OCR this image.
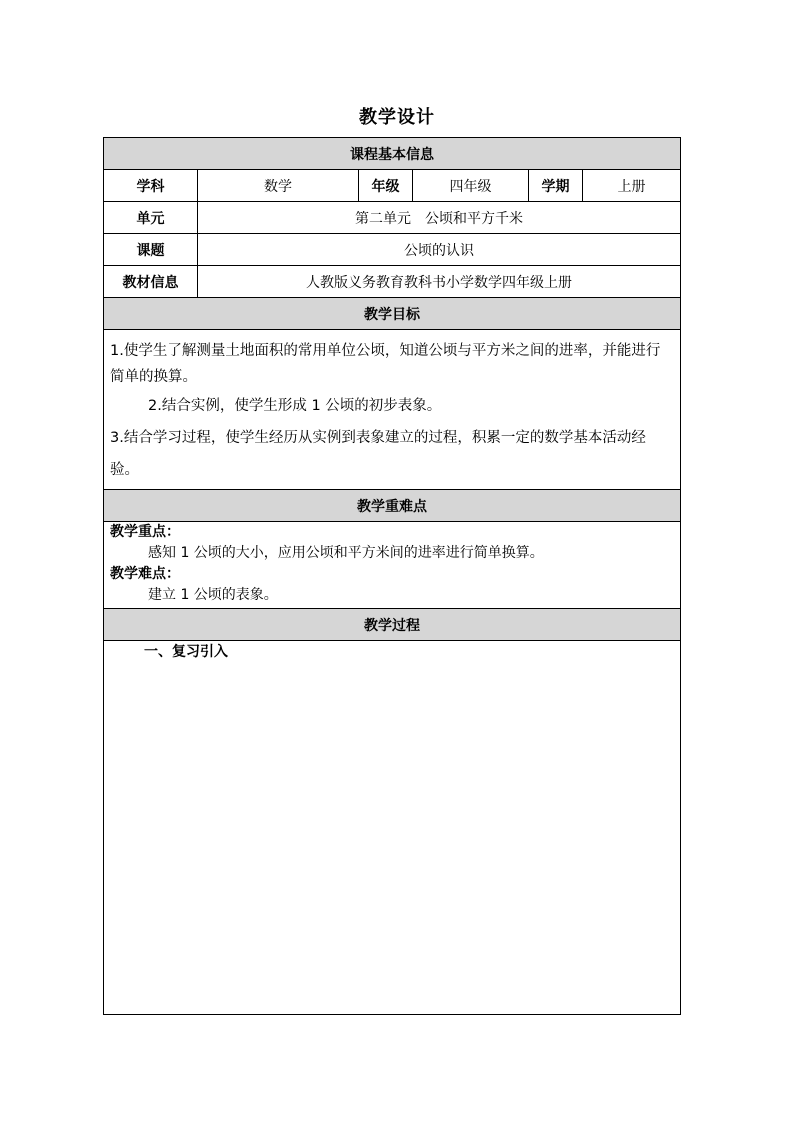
教学设计
课程基本信息					
学科	数学	年级	四年级	学期	上册
单元	第二单元　公顷和平方千米				
课题	公顷的认识				
教材信息	人教版义务教育教科书小学数学四年级上册				
教学目标					

1.使学生了解测量土地面积的常用单位公顷，知道公顷与平方米之间的进率，并能进行简单的换算。

2.结合实例，使学生形成 1 公顷的初步表象。

3.结合学习过程，使学生经历从实例到表象建立的过程，积累一定的数学基本活动经验。					

教学重难点					

教学重点：
感知 1 公顷的大小，应用公顷和平方米间的进率进行简单换算。
教学难点：
建立 1 公顷的表象。					

教学过程					

一、复习引入					
